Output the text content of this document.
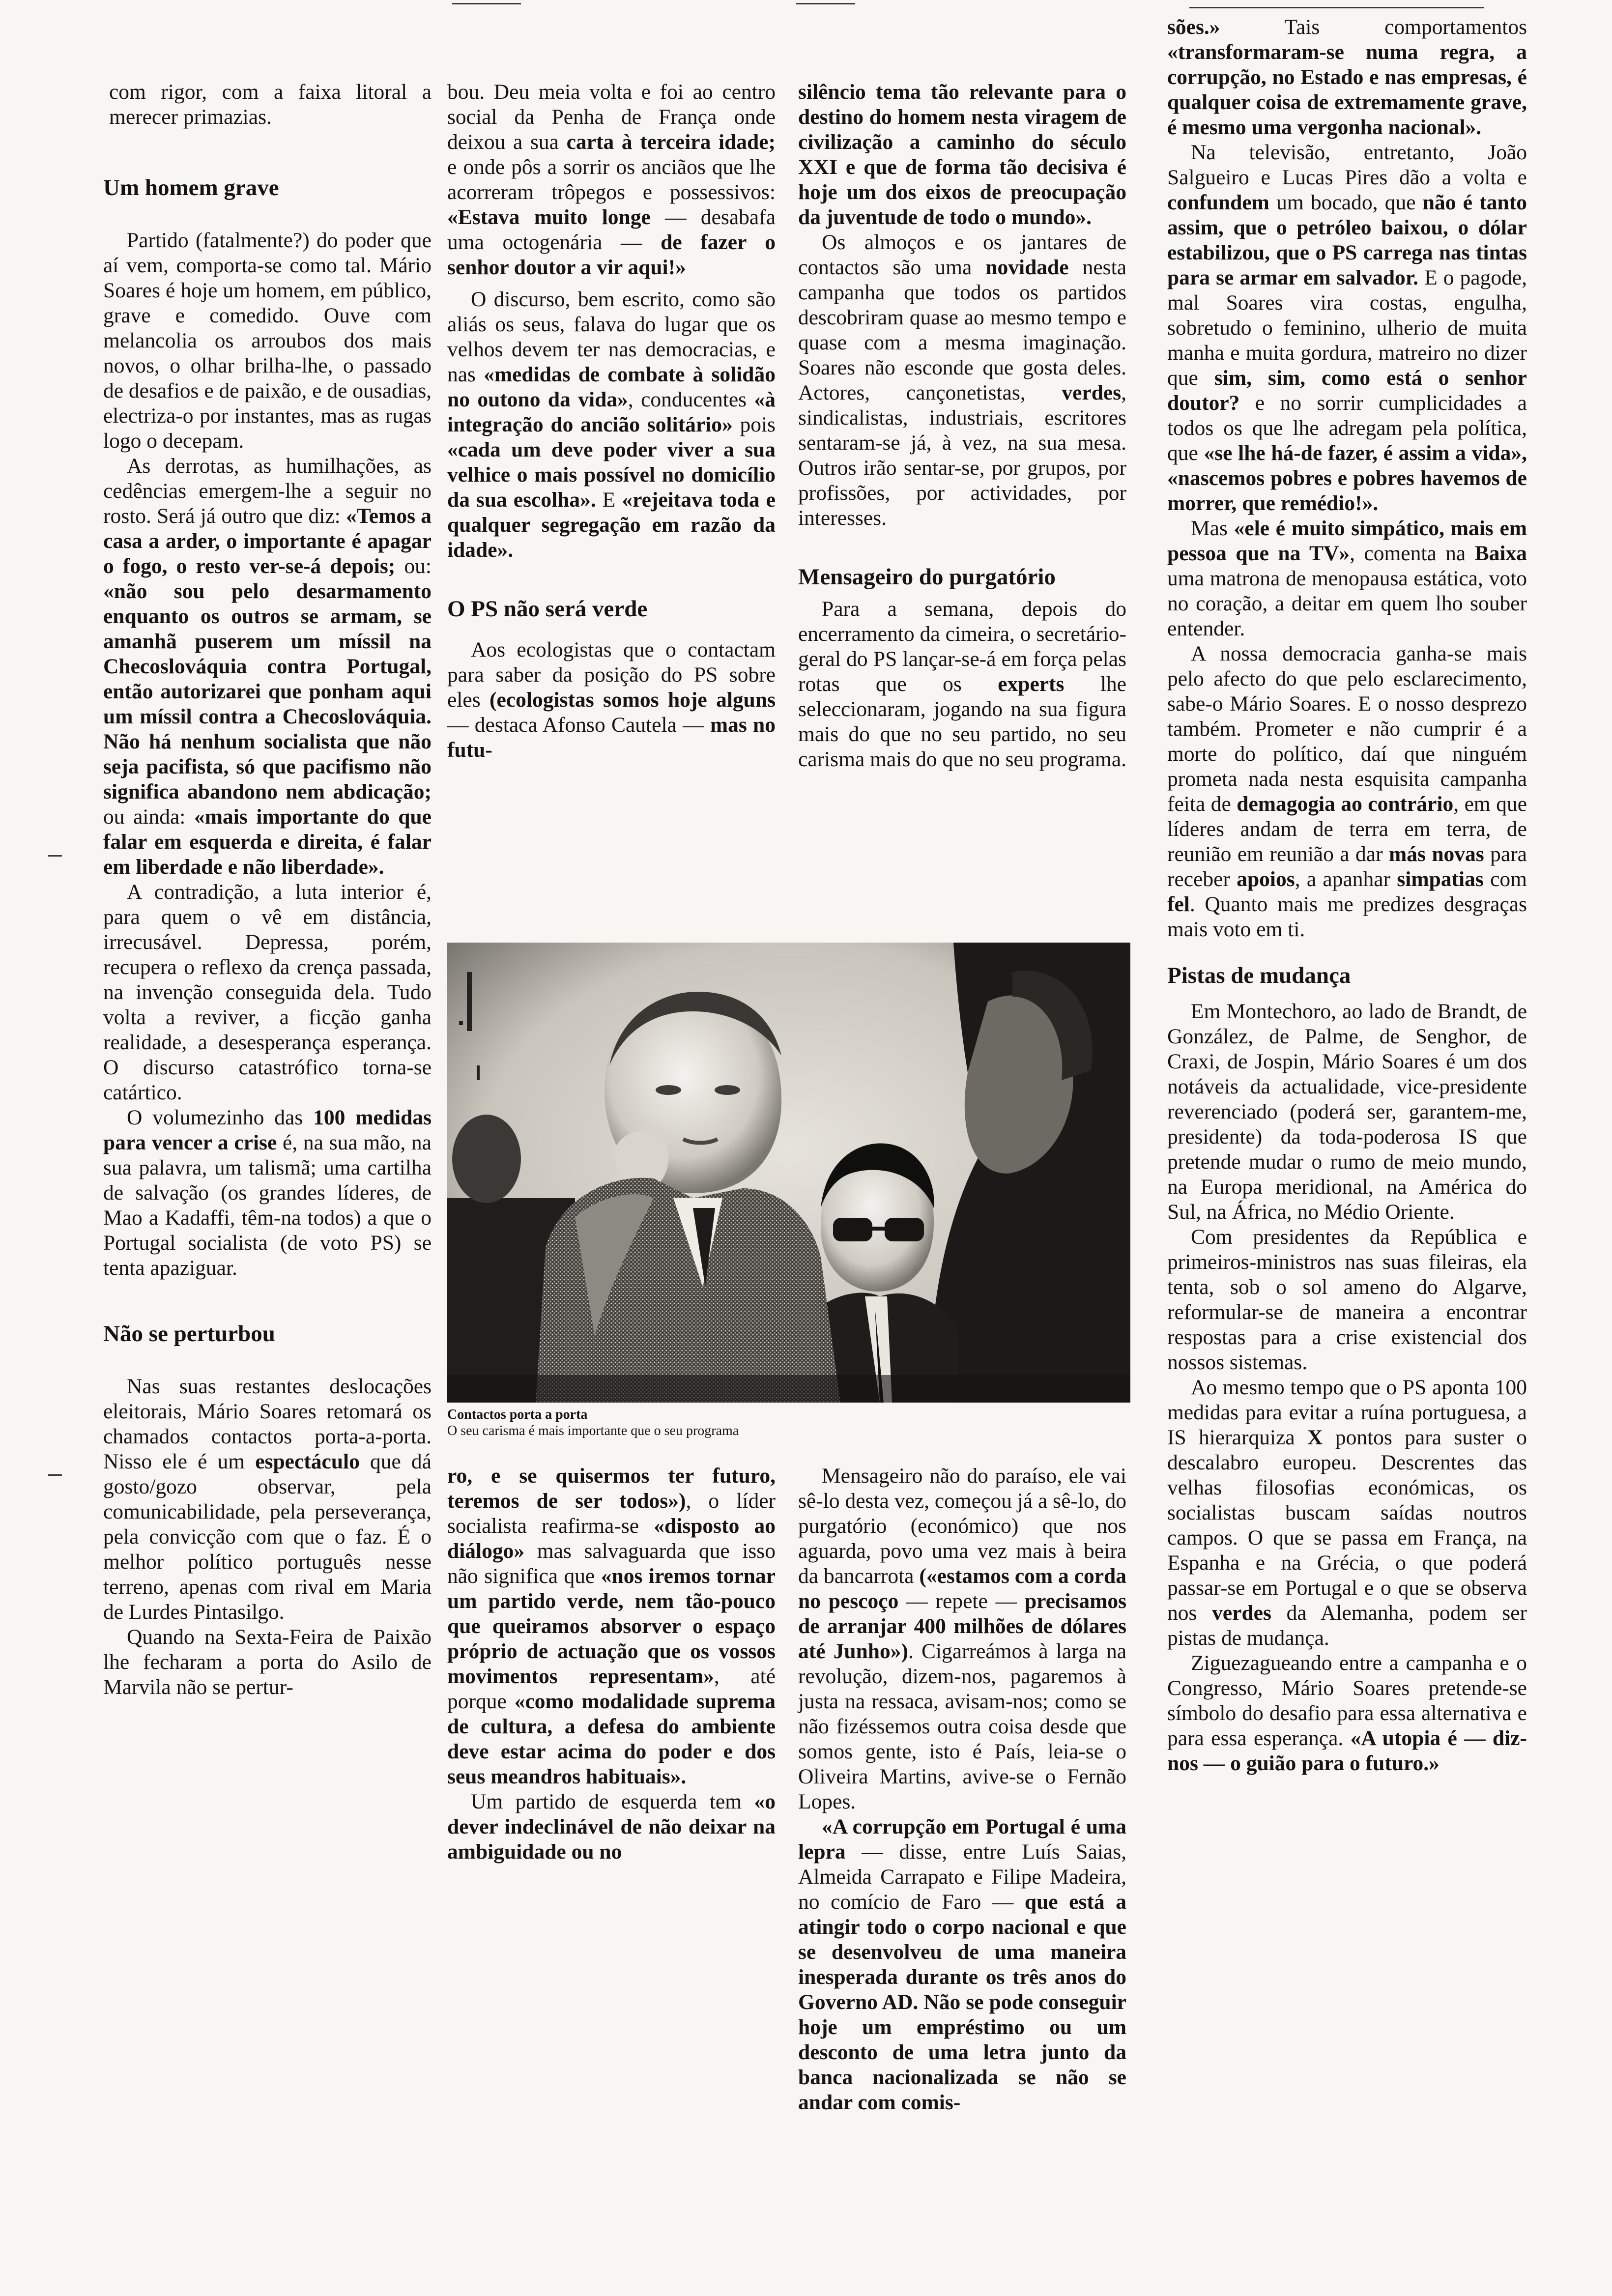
com rigor, com a faixa litoral a merecer primazias.

Um homem grave

Partido (fatalmente?) do poder que aí vem, comporta-se como tal. Mário Soares é hoje um homem, em público, grave e comedido. Ouve com melancolia os arroubos dos mais novos, o olhar brilha-lhe, o passado de desafios e de paixão, e de ousadias, electriza-o por instantes, mas as rugas logo o decepam.

As derrotas, as humilhações, as cedências emergem-lhe a seguir no rosto. Será já outro que diz: «Temos a casa a arder, o importante é apagar o fogo, o resto ver-se-á depois; ou: «não sou pelo desarmamento enquanto os outros se armam, se amanhã puserem um míssil na Checoslováquia contra Portugal, então autorizarei que ponham aqui um míssil contra a Checoslováquia. Não há nenhum socialista que não seja pacifista, só que pacifismo não significa abandono nem abdicação; ou ainda: «mais importante do que falar em esquerda e direita, é falar em liberdade e não liberdade».

A contradição, a luta interior é, para quem o vê em distância, irrecusável. Depressa, porém, recupera o reflexo da crença passada, na invenção conseguida dela. Tudo volta a reviver, a ficção ganha realidade, a desesperança esperança. O discurso catastrófico torna-se catártico.

O volumezinho das 100 medidas para vencer a crise é, na sua mão, na sua palavra, um talismã; uma cartilha de salvação (os grandes líderes, de Mao a Kadaffi, têm-na todos) a que o Portugal socialista (de voto PS) se tenta apaziguar.

Não se perturbou

Nas suas restantes deslocações eleitorais, Mário Soares retomará os chamados contactos porta-a-porta. Nisso ele é um espectáculo que dá gosto/gozo observar, pela comunicabilidade, pela perseverança, pela convicção com que o faz. É o melhor político português nesse terreno, apenas com rival em Maria de Lurdes Pintasilgo.

Quando na Sexta-Feira de Paixão lhe fecharam a porta do Asilo de Marvila não se pertur-

bou. Deu meia volta e foi ao centro social da Penha de França onde deixou a sua carta à terceira idade; e onde pôs a sorrir os anciãos que lhe acorreram trôpegos e possessivos: «Estava muito longe — desabafa uma octogenária — de fazer o senhor doutor a vir aqui!»

O discurso, bem escrito, como são aliás os seus, falava do lugar que os velhos devem ter nas democracias, e nas «medidas de combate à solidão no outono da vida», conducentes «à integração do ancião solitário» pois «cada um deve poder viver a sua velhice o mais possível no domicílio da sua escolha». E «rejeitava toda e qualquer segregação em razão da idade».

O PS não será verde

Aos ecologistas que o contactam para saber da posição do PS sobre eles (ecologistas somos hoje alguns — destaca Afonso Cautela — mas no futu-

silêncio tema tão relevante para o destino do homem nesta viragem de civilização a caminho do século XXI e que de forma tão decisiva é hoje um dos eixos de preocupação da juventude de todo o mundo».

Os almoços e os jantares de contactos são uma novidade nesta campanha que todos os partidos descobriram quase ao mesmo tempo e quase com a mesma imaginação. Soares não esconde que gosta deles. Actores, cançonetistas, verdes, sindicalistas, industriais, escritores sentaram-se já, à vez, na sua mesa. Outros irão sentar-se, por grupos, por profissões, por actividades, por interesses.

Mensageiro do purgatório

Para a semana, depois do encerramento da cimeira, o secretário-geral do PS lançar-se-á em força pelas rotas que os experts lhe seleccionaram, jogando na sua figura mais do que no seu partido, no seu carisma mais do que no seu programa.

Contactos porta a porta
O seu carisma é mais importante que o seu programa

ro, e se quisermos ter futuro, teremos de ser todos»), o líder socialista reafirma-se «disposto ao diálogo» mas salvaguarda que isso não significa que «nos iremos tornar um partido verde, nem tão-pouco que queiramos absorver o espaço próprio de actuação que os vossos movimentos representam», até porque «como modalidade suprema de cultura, a defesa do ambiente deve estar acima do poder e dos seus meandros habituais».

Um partido de esquerda tem «o dever indeclinável de não deixar na ambiguidade ou no

Mensageiro não do paraíso, ele vai sê-lo desta vez, começou já a sê-lo, do purgatório (económico) que nos aguarda, povo uma vez mais à beira da bancarrota («estamos com a corda no pescoço — repete — precisamos de arranjar 400 milhões de dólares até Junho»). Cigarreámos à larga na revolução, dizem-nos, pagaremos à justa na ressaca, avisam-nos; como se não fizéssemos outra coisa desde que somos gente, isto é País, leia-se o Oliveira Martins, avive-se o Fernão Lopes.

«A corrupção em Portugal é uma lepra — disse, entre Luís Saias, Almeida Carrapato e Filipe Madeira, no comício de Faro — que está a atingir todo o corpo nacional e que se desenvolveu de uma maneira inesperada durante os três anos do Governo AD. Não se pode conseguir hoje um empréstimo ou um desconto de uma letra junto da banca nacionalizada se não se andar com comis-

sões.» Tais comportamentos «transformaram-se numa regra, a corrupção, no Estado e nas empresas, é qualquer coisa de extremamente grave, é mesmo uma vergonha nacional».

Na televisão, entretanto, João Salgueiro e Lucas Pires dão a volta e confundem um bocado, que não é tanto assim, que o petróleo baixou, o dólar estabilizou, que o PS carrega nas tintas para se armar em salvador. E o pagode, mal Soares vira costas, engulha, sobretudo o feminino, ulherio de muita manha e muita gordura, matreiro no dizer que sim, sim, como está o senhor doutor? e no sorrir cumplicidades a todos os que lhe adregam pela política, que «se lhe há-de fazer, é assim a vida», «nascemos pobres e pobres havemos de morrer, que remédio!».

Mas «ele é muito simpático, mais em pessoa que na TV», comenta na Baixa uma matrona de menopausa estática, voto no coração, a deitar em quem lho souber entender.

A nossa democracia ganha-se mais pelo afecto do que pelo esclarecimento, sabe-o Mário Soares. E o nosso desprezo também. Prometer e não cumprir é a morte do político, daí que ninguém prometa nada nesta esquisita campanha feita de demagogia ao contrário, em que líderes andam de terra em terra, de reunião em reunião a dar más novas para receber apoios, a apanhar simpatias com fel. Quanto mais me predizes desgraças mais voto em ti.

Pistas de mudança

Em Montechoro, ao lado de Brandt, de González, de Palme, de Senghor, de Craxi, de Jospin, Mário Soares é um dos notáveis da actualidade, vice-presidente reverenciado (poderá ser, garantem-me, presidente) da toda-poderosa IS que pretende mudar o rumo de meio mundo, na Europa meridional, na América do Sul, na África, no Médio Oriente.

Com presidentes da República e primeiros-ministros nas suas fileiras, ela tenta, sob o sol ameno do Algarve, reformular-se de maneira a encontrar respostas para a crise existencial dos nossos sistemas.

Ao mesmo tempo que o PS aponta 100 medidas para evitar a ruína portuguesa, a IS hierarquiza X pontos para suster o descalabro europeu. Descrentes das velhas filosofias económicas, os socialistas buscam saídas noutros campos. O que se passa em França, na Espanha e na Grécia, o que poderá passar-se em Portugal e o que se observa nos verdes da Alemanha, podem ser pistas de mudança.

Ziguezagueando entre a campanha e o Congresso, Mário Soares pretende-se símbolo do desafio para essa alternativa e para essa esperança. «A utopia é — diz-nos — o guião para o futuro.»
